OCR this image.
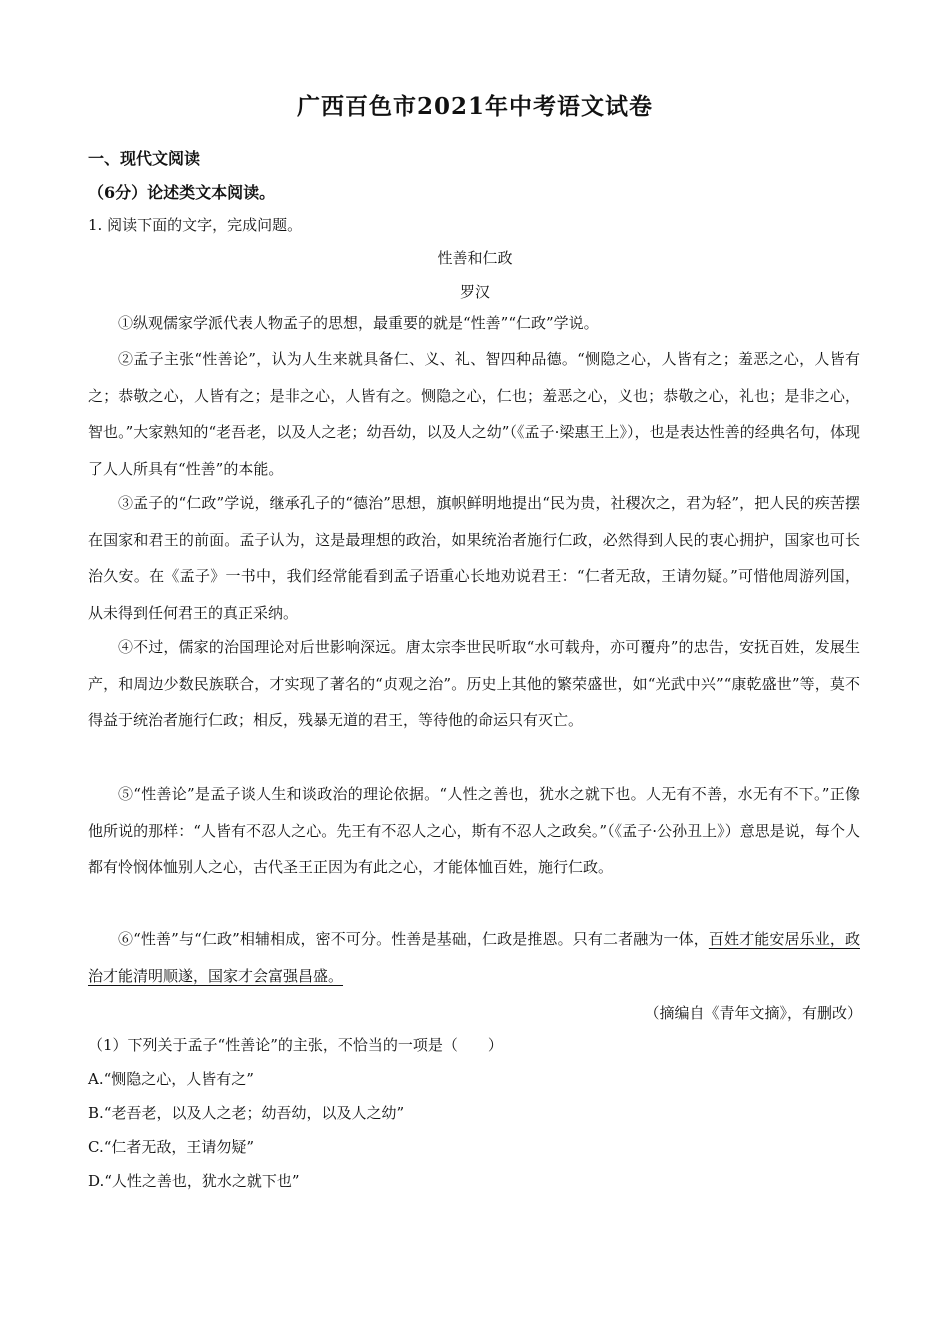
广西百色市2021年中考语文试卷
一、现代文阅读
（6分）论述类文本阅读。
1. 阅读下面的文字，完成问题。
性善和仁政
罗汉
①纵观儒家学派代表人物孟子的思想，最重要的就是“性善”“仁政”学说。
②孟子主张“性善论”，认为人生来就具备仁、义、礼、智四种品德。“恻隐之心，人皆有之；羞恶之心，人皆有之；恭敬之心，人皆有之；是非之心，人皆有之。恻隐之心，仁也；羞恶之心，义也；恭敬之心，礼也；是非之心，智也。”大家熟知的“老吾老，以及人之老；幼吾幼，以及人之幼”（《孟子·梁惠王上》），也是表达性善的经典名句，体现了人人所具有“性善”的本能。
③孟子的“仁政”学说，继承孔子的“德治”思想，旗帜鲜明地提出“民为贵，社稷次之，君为轻”，把人民的疾苦摆在国家和君王的前面。孟子认为，这是最理想的政治，如果统治者施行仁政，必然得到人民的衷心拥护，国家也可长治久安。在《孟子》一书中，我们经常能看到孟子语重心长地劝说君王：“仁者无敌，王请勿疑。”可惜他周游列国，从未得到任何君王的真正采纳。
④不过，儒家的治国理论对后世影响深远。唐太宗李世民听取“水可载舟，亦可覆舟”的忠告，安抚百姓，发展生产，和周边少数民族联合，才实现了著名的“贞观之治”。历史上其他的繁荣盛世，如“光武中兴”“康乾盛世”等，莫不得益于统治者施行仁政；相反，残暴无道的君王，等待他的命运只有灭亡。
⑤“性善论”是孟子谈人生和谈政治的理论依据。“人性之善也，犹水之就下也。人无有不善，水无有不下。”正像他所说的那样：“人皆有不忍人之心。先王有不忍人之心，斯有不忍人之政矣。”（《孟子·公孙丑上》）意思是说，每个人都有怜悯体恤别人之心，古代圣王正因为有此之心，才能体恤百姓，施行仁政。
⑥“性善”与“仁政”相辅相成，密不可分。性善是基础，仁政是推恩。只有二者融为一体，百姓才能安居乐业，政治才能清明顺遂，国家才会富强昌盛。
（摘编自《青年文摘》，有删改）
（1）下列关于孟子“性善论”的主张，不恰当的一项是（　　）
A.“恻隐之心，人皆有之”
B.“老吾老，以及人之老；幼吾幼，以及人之幼”
C.“仁者无敌，王请勿疑”
D.“人性之善也，犹水之就下也”
